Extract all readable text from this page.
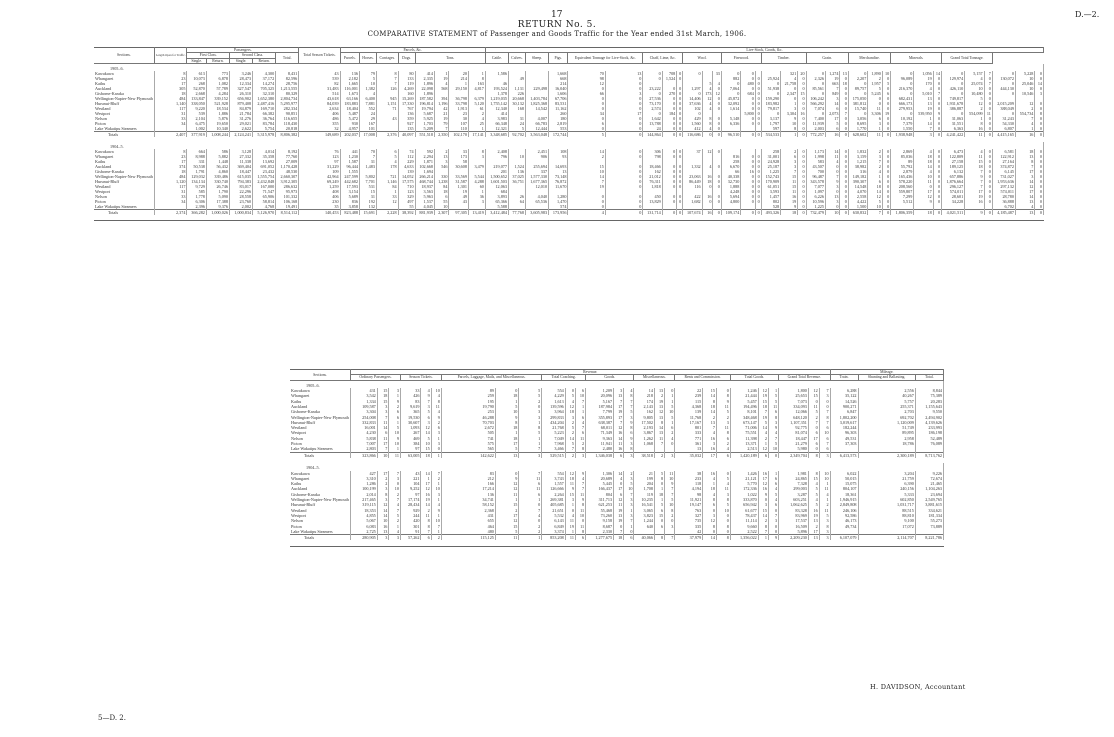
17	D.—2.
RETURN No. 5.
COMPARATIVE STATEMENT of Passenger and Goods Traffic for the Year ended 31st March, 1906.
Sections.	Length Open for Traffic.	Passengers.					Total Season Tickets.	Parcels, &c.								Live-Stock, Goods, &c.																																
		First Class.		Second Class.		Total.		Parcels.	Horses.	Carriages.	Dogs.	Tons.				Cattle.	Calves.	Sheep.	Pigs.	Equivalent Tonnage for Live-Stock, &c.		Chaff, Lime, &c.			Wool.			Firewood.			Timber.			Grain.			Merchandise.			Minerals.			Grand Total Tonnage.				
		Single.	Return.	Single.	Return.																																											
1905–6.																																																
Kawakawa	8	613	773	3,246	4,300	8,431	43	136	79	8	80	414	1	20	1	1,586			1,668	70	13	0	708	0	0		33	0	0			321	20	0	1,274	13	0	1,890	10	0	1,056	14	0	5,157	7	0	5,228	0
Whangarei	23	10,073	6,878	28,473	37,172	82,596	539	2,182	5	7	133	2,335	19	214	8		49		668	98	0	0	1,524	0				882	0	0	25,924	4	0	2,326	19	0	2,207	2	0	96,089	19	0	129,974	4	0	130,072	10	0
Kaihu	17	268	1,082	12,334	14,274	28,756	82	1,665	10	7	119	1,896	4	1	163	46			214	12	0					5	4	0	480	0	0	21,758	0	0	663	18	0	1,957	5	0	170	0	0	25,074	7	0	25,046	14
Auckland	305	52,870	57,789	327,547	705,325	1,213,555	31,483	116,001	1,382	126	4,269	22,098	568	29,150	4,817	193,524	1,131	229,498	16,040	0	0	23,222	0	0	1,297	4	0	7,064	0	0	51,938	0	0	85,561	7	0	89,757	5	0	216,370	4	0	426,110	10	0	444,130	10	0
Gisborne-Karaka	18	2,668	4,284	26,310	32,310	80,329	514	1,673	4		160	1,896				1,378	226		1,606	66	3	0	270	0	0	173	12	0	684	0	0	2,347	15	0	849	0	0	5,245	6	0	5,010	7	0	10,480	0	0	10,546	3
Wellington-Napier-New Plymouth	484	133,847	339,152	656,902	1,652,380	2,804,734	43,618	63,166	6,400	945	15,269	187,582	394	36,798	6,379	1,219,035	20,668	1,403,784	67,706	0	0	27,536	0	0	14,406	12	0	45,872	0	0	159,290	0	0	106,242	3	0	175,050	0	0	682,431	13	0	749,817	5	0			
Hurunui-Bluff	1,140	338,050	521,928	879,408	2,487,416	5,295,977	84,039	183,883	7,881	1,151	17,330	196,814	1,196	33,798	5,120	1,755,142	30,132	1,825,368	83,531	0	0	73,170	0	0	37,636	4	0	32,092	0	0	183,982	1	0	566,292	14	0	381,812	0	0	666,173	13	0	1,931,678	12	0	2,015,209	12	0
Westland	117	9,220	18,534	84,879	169,710	282,334	2,634	18,404	552	71	767	19,794	42	1,913	61	12,340	168	14,542	11,162	0	0	2,574	0	0	102	4	0	1,614	0	0	79,817	3	0	7,074	6	0	15,740	11	0	279,953	19	0	386,887	2	0	388,049	2	0
Westport	31	539	1,886	21,784	66,382	90,851	406	5,487	24		136	5,687	21	23	2	414			260	34	17	0	184	0	0				5,800	0	0	3,304	16	0	2,073	7	0	3,306	19	0	539,950	9	0	554,099	11	0	554,734	8
Nelson	33	2,104	5,876	31,276	36,764	116,655	486	5,472	29	43	359	5,925	19	30	4	3,983	31	4,007	180	0	0	1,642	0	0	429	8	0	5,148	0	0	3,137	9	0	7,400	17	0	3,056	6	0	10,192	1	0	31,063	1	0	31,243	7	0
Picton	34	6,475	19,650	29,021	83,784	118,430	355	930	167		927	1,703	79	107	25	66,348	24	66,783	2,819	6	0	13,788	0	0	1,560	8	0	6,336	0	0	1,797	10	0	11,939	5	0	8,695	3	0	7,379	14	0	31,551	8	0	54,330	4	0
Lake Wakatipu Steamers		1,002	10,340	2,622	5,754	20,818	32	4,957	101		135	5,209	7	110	1	12,321	5	12,444	553	0	0	24	0	0	412	4	0				597	8	0	2,003	6	0	1,770	1	0	1,550	7	0	6,363	16	0	6,807	1	0
Totals	2,407	377,919	1,008,244	2,124,241	5,315,978	8,806,382	149,689	202,037	17,008	2,376	40,097	551,518	2,350	102,170	17,141	3,348,685	92,702	3,563,048	172,744	5	0	144,864	0	0	116,686	0	0	96,510	0	0	534,533	1	0	772,257	16	0	628,602	11	0	1,938,948	3	0	4,241,422	11	0	4,415,165	16	0

1904–5.																																																
Kawakawa	8	664	586	3,128	4,014	8,192	76	441	70	6	74	592	2	33	8	2,408		2,451	108	14	0	306	0	0	37	12	0				258	2	0	1,173	14	0	1,832	2	0	2,869	4	0	6,473	4	0	6,581	18	0
Whangarei	23	8,988	5,882	27,332	35,358	77,760	123	1,230	7	5	112	2,294	13	173	3	796	10	906	93	2	0	798	0	0				816	0	0	31,001	6	0	1,998	11	0	3,159	3	0	85,036	18	0	122,809	11	0	122,912	13	0
Kaihu	17	331	1,448	11,338	13,692	27,009	97	1,587	31	4	229	1,871	3	58														258	0	0	24,928	3	0	583	4	0	1,215	7	0	89	18	0	27,158	15	0	27,164	8	0
Auckland	374	50,538	56,432	369,404	691,052	1,170,428	31,229	96,444	1,483	178	4,633	102,668	546	30,608	3,479	219,077	1,524	255,694	14,693	15	0	18,466	0	0	1,332	4	0	6,670	0	0	25,187	3	0	43,507	0	0	38,982	2	0	55,792	14	0	189,125	18	0	374,872	7	0
Gisborne-Karaka	18	1,791	4,860	18,447	23,432	48,530	109	1,555			139	1,694				201	136	337	13	10	0	162	0	0				66	16	0	1,225	7	0	700	0	0	316	4	0	2,879	4	0	6,132	7	0	6,145	17	0
Wellington-Napier-New Plymouth	484	129,032	339,486	615,035	1,555,754	2,660,307	42,964	247,599	5,802	721	14,052	266,214	330	33,569	5,544	1,500,652	37,025	1,577,330	73,148	14	0	21,012	0	0	23,063	16	0	40,338	0	0	152,743	15	0	96,487	7	0	149,182	1	0	165,436	10	0	657,886	9	0	731,027	3	0
Hurunui-Bluff	1,120	134,134	330,740	794,383	2,432,848	3,912,305	69,249	442,682	7,701	1,146	17,575	468,744	1,238	31,587	4,288	1,601,503	36,751	1,677,365	76,872	7	0	76,311	0	0	86,449	18	0	32,730	0	0	170,909	11	0	343,578	9	0	390,307	6	0	578,220	11	0	1,876,664	7	0	1,953,636	14	0
Westland	117	9,729	26,746	83,017	167,000	286,632	1,259	17,593	531	84	710	18,937	84	1,301	60	12,063		12,010	11,670	19	0	1,818	0	0	116	0	0	1,888	0	0	61,051	15	0	7,077	3	0	14,548	18	0	208,560	0	0	296,127	7	0	297,132	12	0
Westport	31	585	1,790	22,296	71,547	95,973	408	3,154	15	1	123	3,563	18	19	1	684												4,248	0	0	3,593	11	0	1,097	0	0	4,070	14	0	559,807	17	0	574,011	17	0	574,011	17	0
Nelson	33	1,778	5,090	28,558	65,906	101,332	406	5,689	31	33	329	5,963	6	49	36	3,893	26	4,040	1,280	0	0	450	0	0	422	16	0	5,694	0	0	1,457	16	0	6,226	13	0	2,558	12	0	7,299	12	0	28,601	19	0	28,780	14	0
Picton	34	6,306	17,388	23,760	58,814	106,168	230	836	192	12	497	1,537	55	43	3	65,366	64	65,536	1,470	0	0	13,829	0	0	1,682	0	0	4,800	0	0	802	19	0	10,596	3	0	4,422	5	0	5,512	9	0	34,228	16	0	36,888	13	0
Lake Wakatipu Steamers		2,396	9,376	2,002	4,768	19,491	35	3,858	132		55	4,045	10			5,588			574	0	0										528	9	0	1,225	0	0	1,500	10	0							6,702	4	0
Totals	2,374	366,282	1,000,026	1,000,834	5,126,970	8,514,112	140,453	823,488	15,691	2,228	38,392	881,939	2,307	97,305	13,419	3,412,484	77,768	3,605,983	173,956	4	0	131,714	0	0	107,674	16	0	109,174	0	0	493,326	18	0	732,479	10	0	630,832	7	0	1,806,359	18	0	4,021,511	9	0	4,185,487	13	0

Sections.	Revenue.																											Mileage.		
	Ordinary Passengers.			Season Tickets.			Parcels, Luggage, Mails, and Miscellaneous.			Total Coaching.			Goods.			Miscellaneous.			Rents and Commission.			Total Goods.			Grand Total Revenue.			Train.	Shunting and Ballasting.	Total.
1905–6.																														
Kawakawa	431	15	3	33	4	10	89	0	5	554	0	6	1,209	3	4	14	13	0	22	15	0	1,246	12	1	1,800	12	7	6,288	2,556	8,844
Whangarei	3,542	18	1	426	9	4	259	18	5	4,229	5	10	20,096	13	8	218	2	1	239	14	8	21,444	19	5	25,653	15	3	35,122	40,267	75,389
Kaihu	1,334	15	9	83	7	8	195	1	2	1,613	4	7	5,167	7	7	174	19	1	115	8	9	5,457	15	5	7,073	0	0	14,526	5,757	20,283
Auckland	109,587	3	2	9,619	3	11	19,790	5	0	139,596	12	1	187,984	17	7	2,143	13	5	4,368	18	11	194,496	18	11	334,093	11	0	900,271	255,371	1,155,643
Gisborne-Karaka	3,304	3	6	365	5	4	253	10	3	3,964	18	1	7,799	19	5	162	12	10	139	14	5	8,101	7	6	12,066	5	7	6,847	2,703	9,550
Wellington-Napier-New Plymouth	254,008	7	6	19,530	6	9	46,288	9	3	299,833	3	6	355,893	17	3	9,805	13	5	11,768	2	2	348,468	19	8	648,120	2	8	1,802,200	692,702	2,494,902
Hurunui-Bluff	332,833	11	1	30,607	3	2	70,703	8	1	434,204	2	4	638,387	7	9	17,502	8	1	17,167	13	3	673,147	5	3	1,107,351	7	7	3,019,617	1,120,009	4,139,626
Westland	16,001	14	5	1,093	12	6	2,672	18	8	21,768	5	7	68,011	12	8	2,193	14	6	801	7	11	71,006	14	9	92,775	0	6	182,244	51,749	233,993
Westport	4,230	6	10	267	14	3	505	1	5	5,223	2	6	71,349	16	6	3,867	13	2	333	4	8	75,551	4	4	81,074	6	10	96,303	89,895	186,198
Nelson	5,838	11	9	469	5	1	741	18	1	7,049	14	11	9,363	14	9	1,262	11	4	771	16	6	11,398	2	7	18,447	17	6	49,531	2,958	52,489
Picton	7,007	17	10	384	10	3	575	17	1	7,968	5	2	11,941	11	3	1,068	7	0	361	3	2	13,371	1	5	21,279	6	7	37,303	18,786	76,089
Lake Wakatipu Steamers	2,803	7	1	97	15	0	565	5	7	3,466	7	8	2,480	16	8				13	16	4	2,513	12	10	5,980	0	6			
Totals	323,866	10	11	63,005	18	1	142,622	13	3	529,515	2	3	1,346,038	6	3	38,518	2	3	35,032	17	6	1,420,189	6	0	2,349,704	8	3	6,413,573	2,300,189	8,713,762

1904–5.																														
Kawakawa	427	17	7	43	14	7	83	0	7	554	12	9	1,306	14	2	21	5	11	38	16	0	1,426	16	1	1,981	8	10	6,022	3,204	9,226
Whangarei	3,310	2	3	221	1	2	212	9	11	3,743	18	4	20,689	4	3	199	8	10	233	4	5	21,121	17	6	24,865	15	10	50,015	21,759	72,674
Kaihu	1,286	2	0	104	17	1	166	12	6	1,557	11	7	5,445	0	5	204	0	9	118	1	4	5,770	12	6	7,328	4	1	15,075	6,390	21,465
Auckland	100,199	3	10	9,252	12	10	17,214	12	11	126,666	9	7	166,437	17	10	1,708	1	7	4,194	18	11	172,336	16	4	299,003	5	11	804,107	240,156	1,104,263
Gisborne-Karaka	2,014	8	2	97	16	3	136	11	6	2,264	15	11	804	6	7	119	18	7	98	4	3	1,022	9	5	3,287	5	4	18,361	5,333	23,694
Wellington-Napier-New Plymouth	217,465	3	7	17,174	19	1	34,741	1	1	269,381	3	9	311,713	12	3	10,235	1	5	11,921	8	8	333,870	0	4	603,251	4	1	1,946,915	602,850	2,549,765
Hurunui-Bluff	319,115	12	4	28,434	14	4	58,152	15	0	405,685	1	8	621,253	11	3	16,541	5	10	19,147	6	5	656,942	3	6	1,062,625	5	2	2,849,808	1,031,717	3,881,615
Westland	18,353	14	7	929	2	9	2,368	2	7	21,651	0	11	55,468	19	1	3,065	6	8	763	0	10	61,677	15	0	83,328	16	11	246,106	88,515	334,621
Westport	4,855	14	5	244	11	1	431	17	4	5,532	4	10	73,260	13	3	3,823	15	2	327	3	0	78,437	14	7	83,969	19	5	92,586	88,810	181,334
Nelson	5,067	10	2	420	8	10	655	12	0	6,143	11	0	9,158	19	7	1,244	0	0	735	12	0	11,114	2	3	17,537	13	3	46,173	9,100	55,273
Picton	6,083	16	1	301	8	7	464	15	2	6,849	19	11	8,687	0	1	640	6	3	335	8	8	9,660	8	0	16,509	2	8	49,734	17,072	73,889
Lake Wakatipu Steamers	2,725	13	4	91	7	1	480	5	2	3,374	1	8	2,330	7	0				42	0	0	2,522	7	0	5,896	17	3			
Totals	280,905	3	3	57,262	6	2	115,125	11	1	853,208	11	6	1,277,675	18	6	40,066	8	7	37,979	14	8	1,356,022	1	9	2,209,230	13	3	6,107,079	2,114,707	8,221,786

H. DAVIDSON, Accountant
5—D. 2.
